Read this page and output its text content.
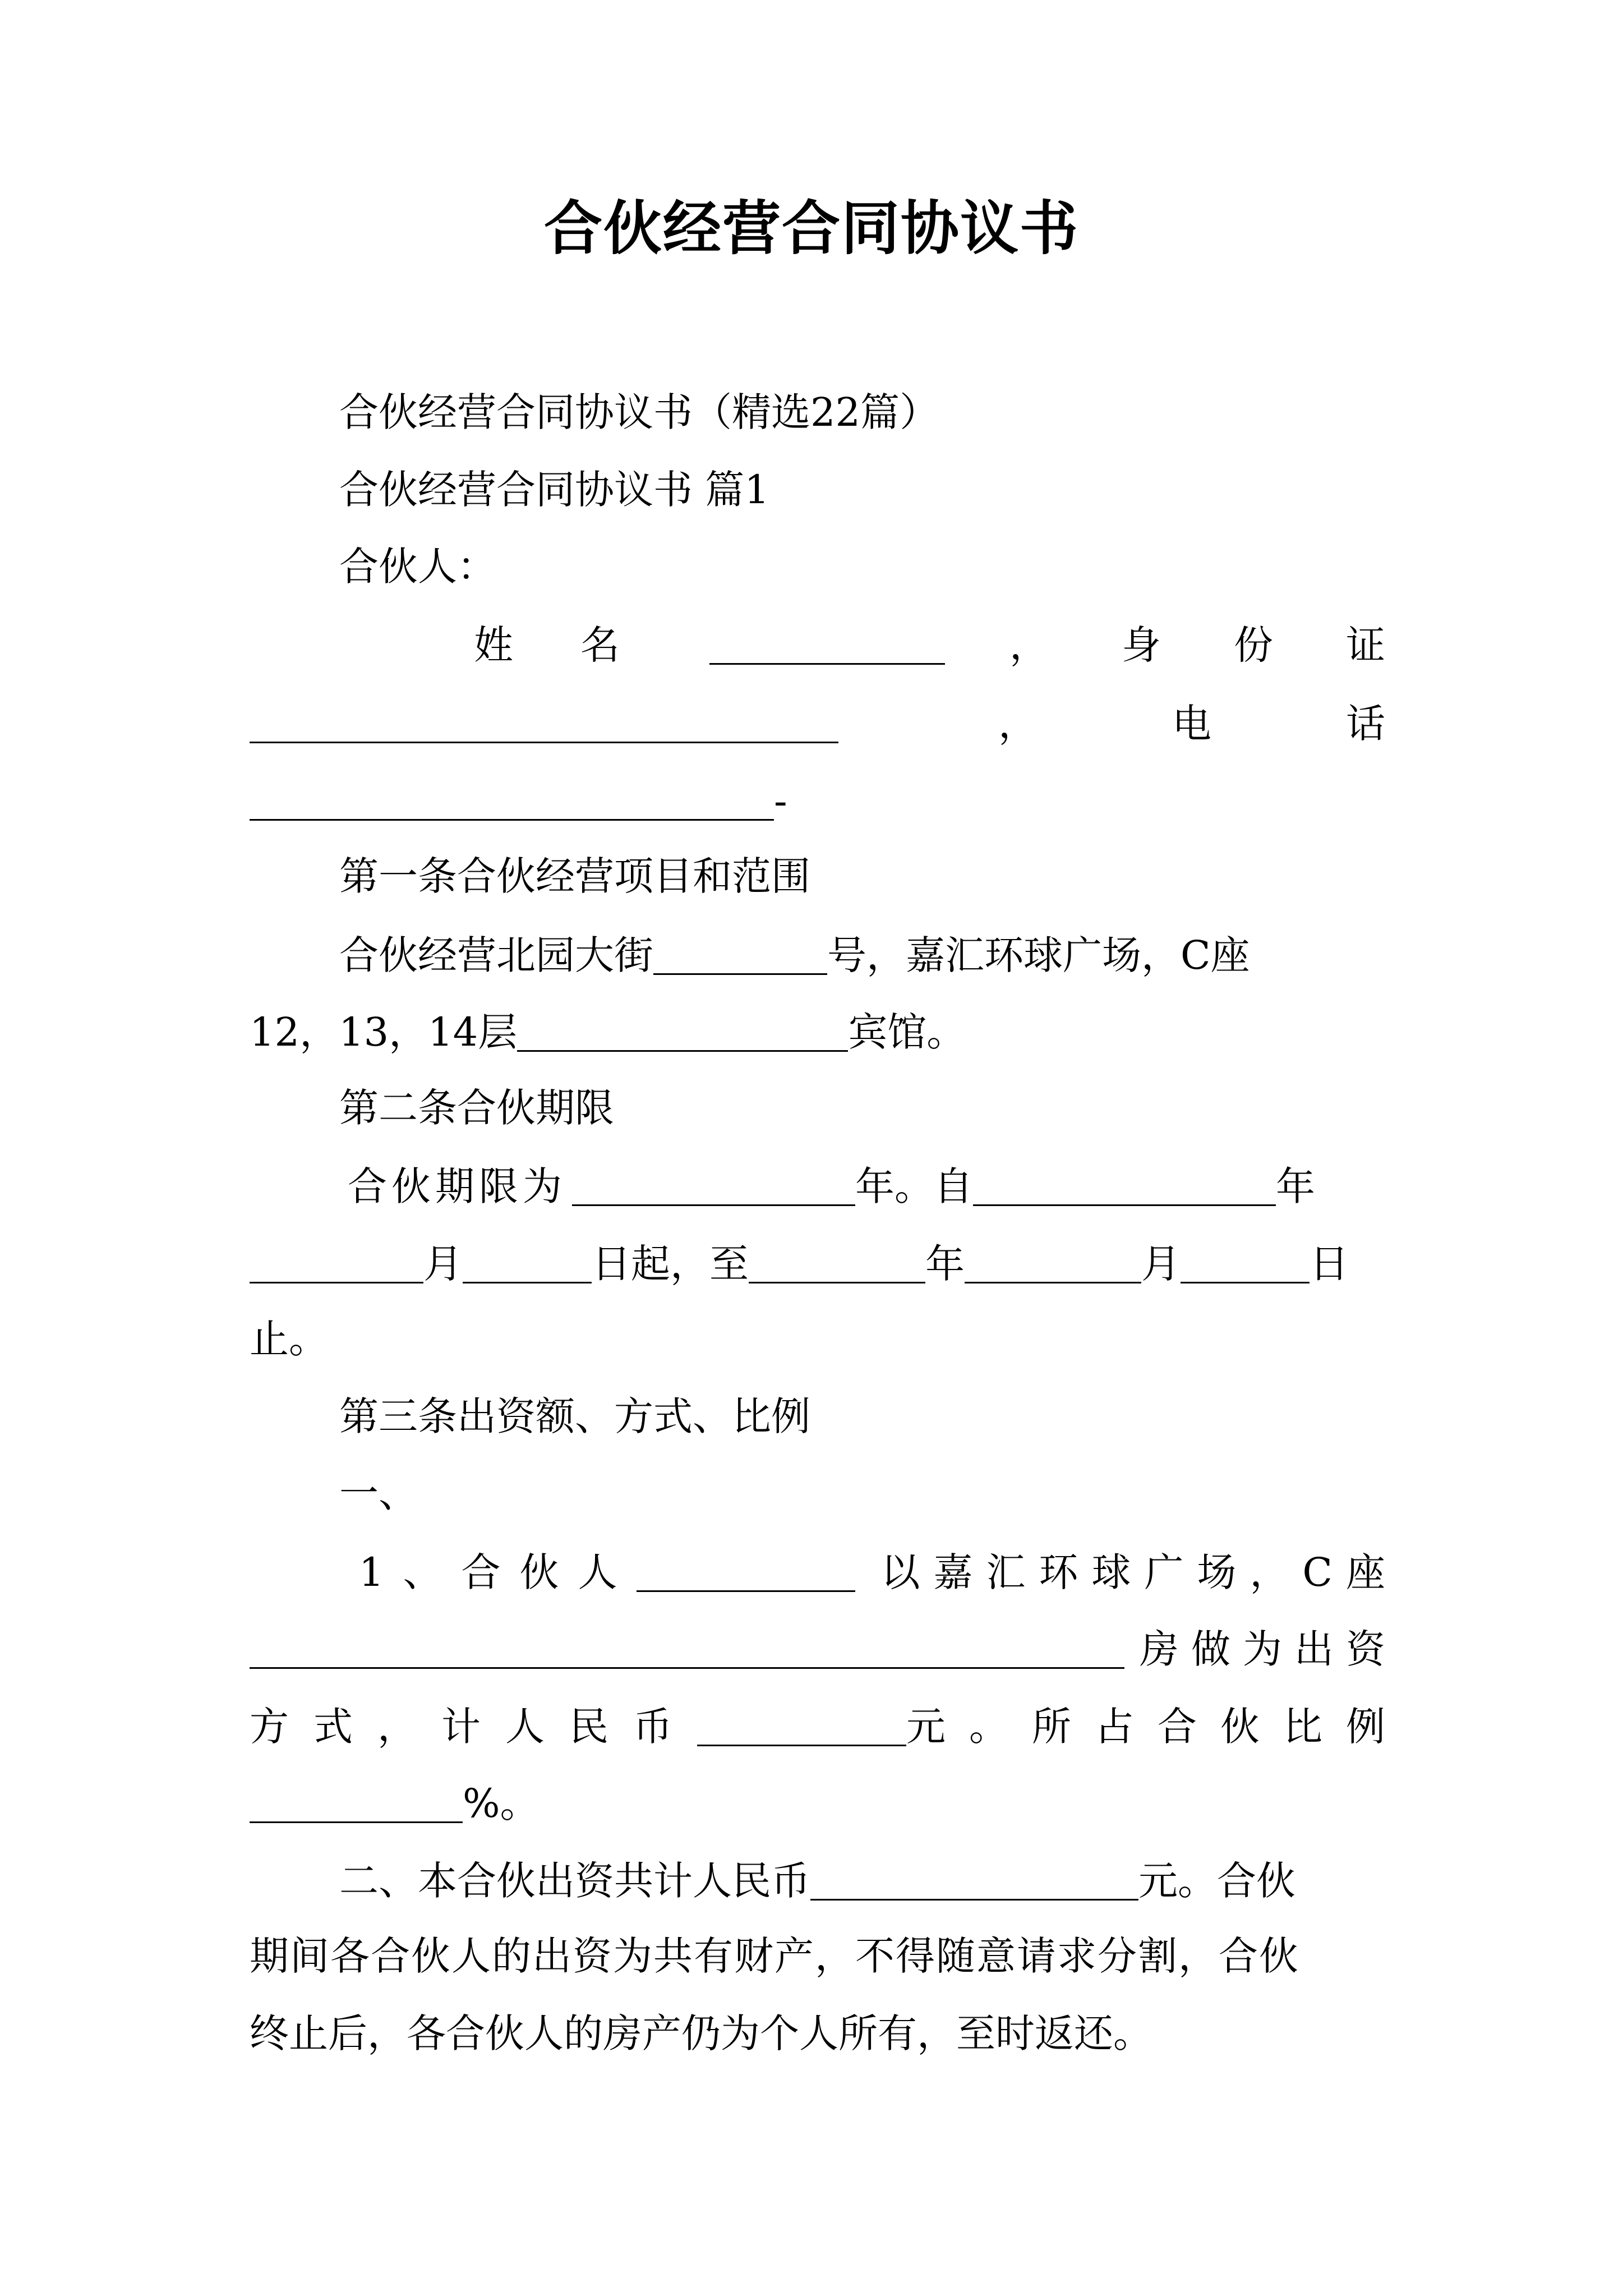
合伙经营合同协议书
合伙经营合同协议书（精选22篇）
合伙经营合同协议书 篇1
合伙人：
姓名	，身份证
，电话
-
第一条合伙经营项目和范围
合伙经营北园大街	号，嘉汇环球广场，C座
12，13，14层	宾馆。
第二条合伙期限
合伙期限为	年。自	年
月	日起，至	年	月	日
止。
第三条出资额、方式、比例
一、
1、合伙人	以嘉汇环球广场，C座
房做为出资
方式，计人民币	元。所占合伙比例
%。
二、本合伙出资共计人民币	元。合伙
期间各合伙人的出资为共有财产，不得随意请求分割，合伙
终止后，各合伙人的房产仍为个人所有，至时返还。
